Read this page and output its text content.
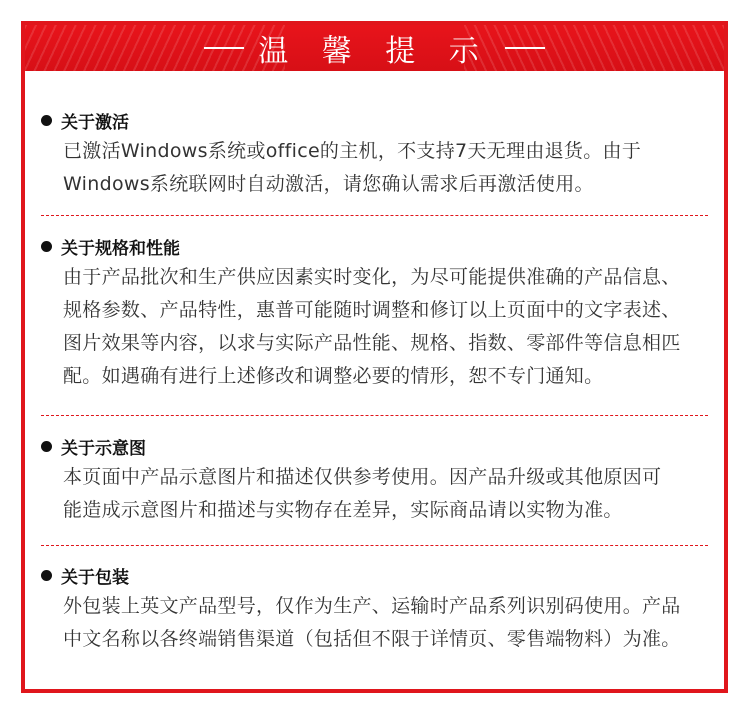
温 馨 提 示
关于激活
已激活Windows系统或office的主机，不支持7天无理由退货。由于
Windows系统联网时自动激活，请您确认需求后再激活使用。
关于规格和性能
由于产品批次和生产供应因素实时变化，为尽可能提供准确的产品信息、
规格参数、产品特性，惠普可能随时调整和修订以上页面中的文字表述、
图片效果等内容，以求与实际产品性能、规格、指数、零部件等信息相匹
配。如遇确有进行上述修改和调整必要的情形，恕不专门通知。
关于示意图
本页面中产品示意图片和描述仅供参考使用。因产品升级或其他原因可
能造成示意图片和描述与实物存在差异，实际商品请以实物为准。
关于包装
外包装上英文产品型号，仅作为生产、运输时产品系列识别码使用。产品
中文名称以各终端销售渠道（包括但不限于详情页、零售端物料）为准。
